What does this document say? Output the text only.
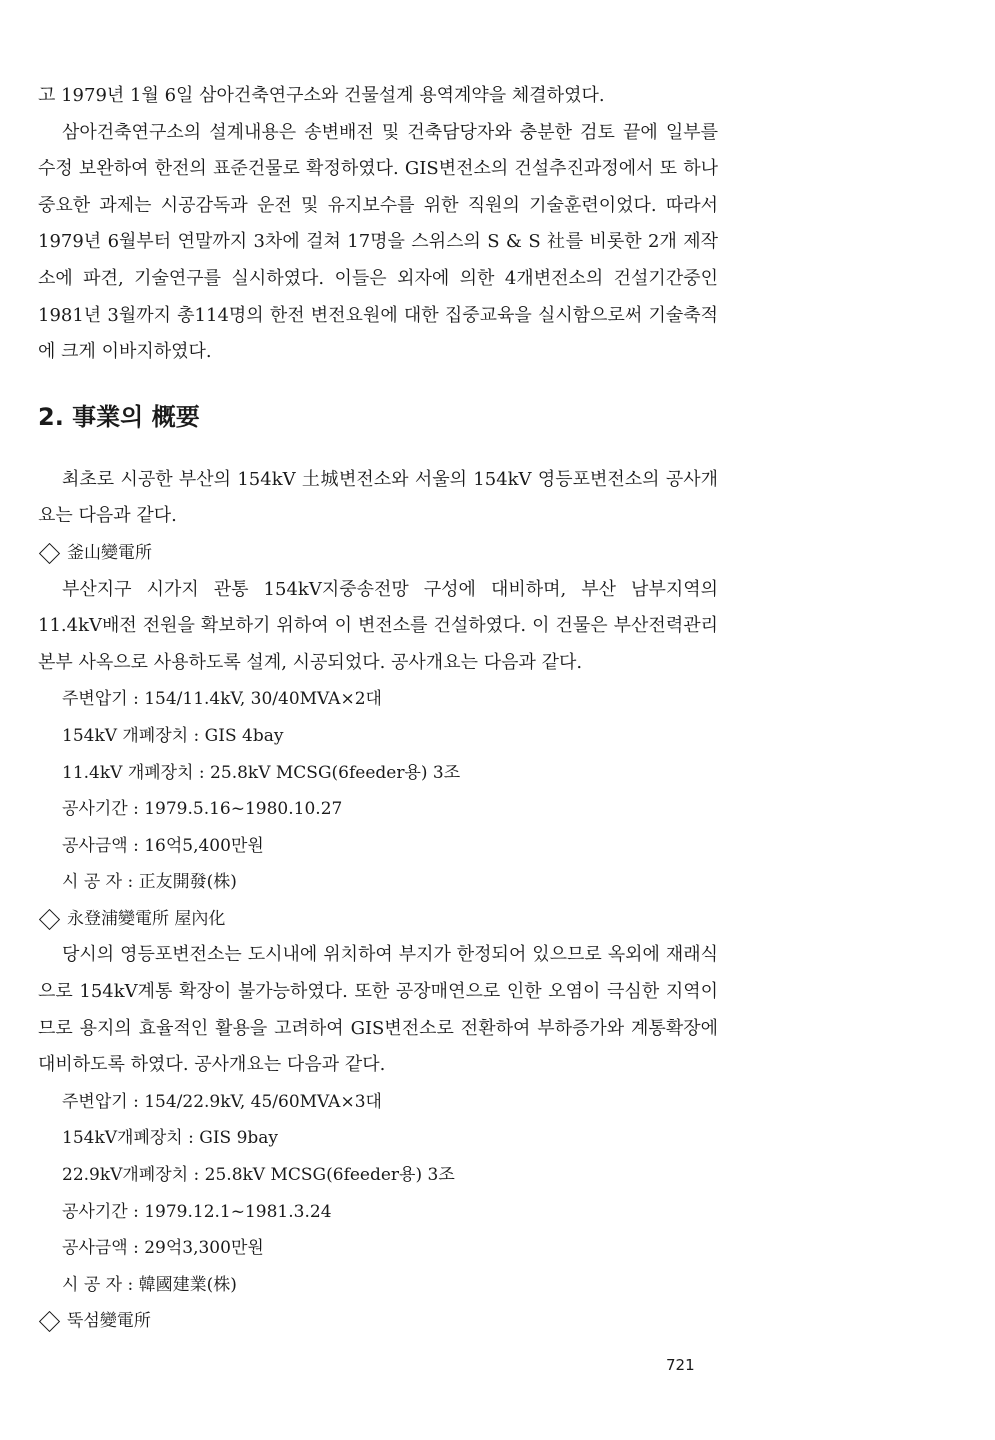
고 1979년 1월 6일 삼아건축연구소와 건물설계 용역계약을 체결하였다.

삼아건축연구소의 설계내용은 송변배전 및 건축담당자와 충분한 검토 끝에 일부를 수정 보완하여 한전의 표준건물로 확정하였다. GIS변전소의 건설추진과정에서 또 하나 중요한 과제는 시공감독과 운전 및 유지보수를 위한 직원의 기술훈련이었다. 따라서 1979년 6월부터 연말까지 3차에 걸쳐 17명을 스위스의 S & S 社를 비롯한 2개 제작소에 파견, 기술연구를 실시하였다. 이들은 외자에 의한 4개변전소의 건설기간중인 1981년 3월까지 총114명의 한전 변전요원에 대한 집중교육을 실시함으로써 기술축적에 크게 이바지하였다.

2. 事業의 概要

최초로 시공한 부산의 154kV 土城변전소와 서울의 154kV 영등포변전소의 공사개요는 다음과 같다.

釜山變電所

부산지구 시가지 관통 154kV지중송전망 구성에 대비하며, 부산 남부지역의 11.4kV배전 전원을 확보하기 위하여 이 변전소를 건설하였다. 이 건물은 부산전력관리본부 사옥으로 사용하도록 설계, 시공되었다. 공사개요는 다음과 같다.

주변압기 : 154/11.4kV, 30/40MVA×2대

154kV 개폐장치 : GIS 4bay

11.4kV 개폐장치 : 25.8kV MCSG(6feeder용) 3조

공사기간 : 1979.5.16~1980.10.27

공사금액 : 16억5,400만원

시 공 자 : 正友開發(株)

永登浦變電所 屋內化

당시의 영등포변전소는 도시내에 위치하여 부지가 한정되어 있으므로 옥외에 재래식으로 154kV계통 확장이 불가능하였다. 또한 공장매연으로 인한 오염이 극심한 지역이므로 용지의 효율적인 활용을 고려하여 GIS변전소로 전환하여 부하증가와 계통확장에 대비하도록 하였다. 공사개요는 다음과 같다.

주변압기 : 154/22.9kV, 45/60MVA×3대

154kV개폐장치 : GIS 9bay

22.9kV개폐장치 : 25.8kV MCSG(6feeder용) 3조

공사기간 : 1979.12.1~1981.3.24

공사금액 : 29억3,300만원

시 공 자 : 韓國建業(株)

뚝섬變電所

721
